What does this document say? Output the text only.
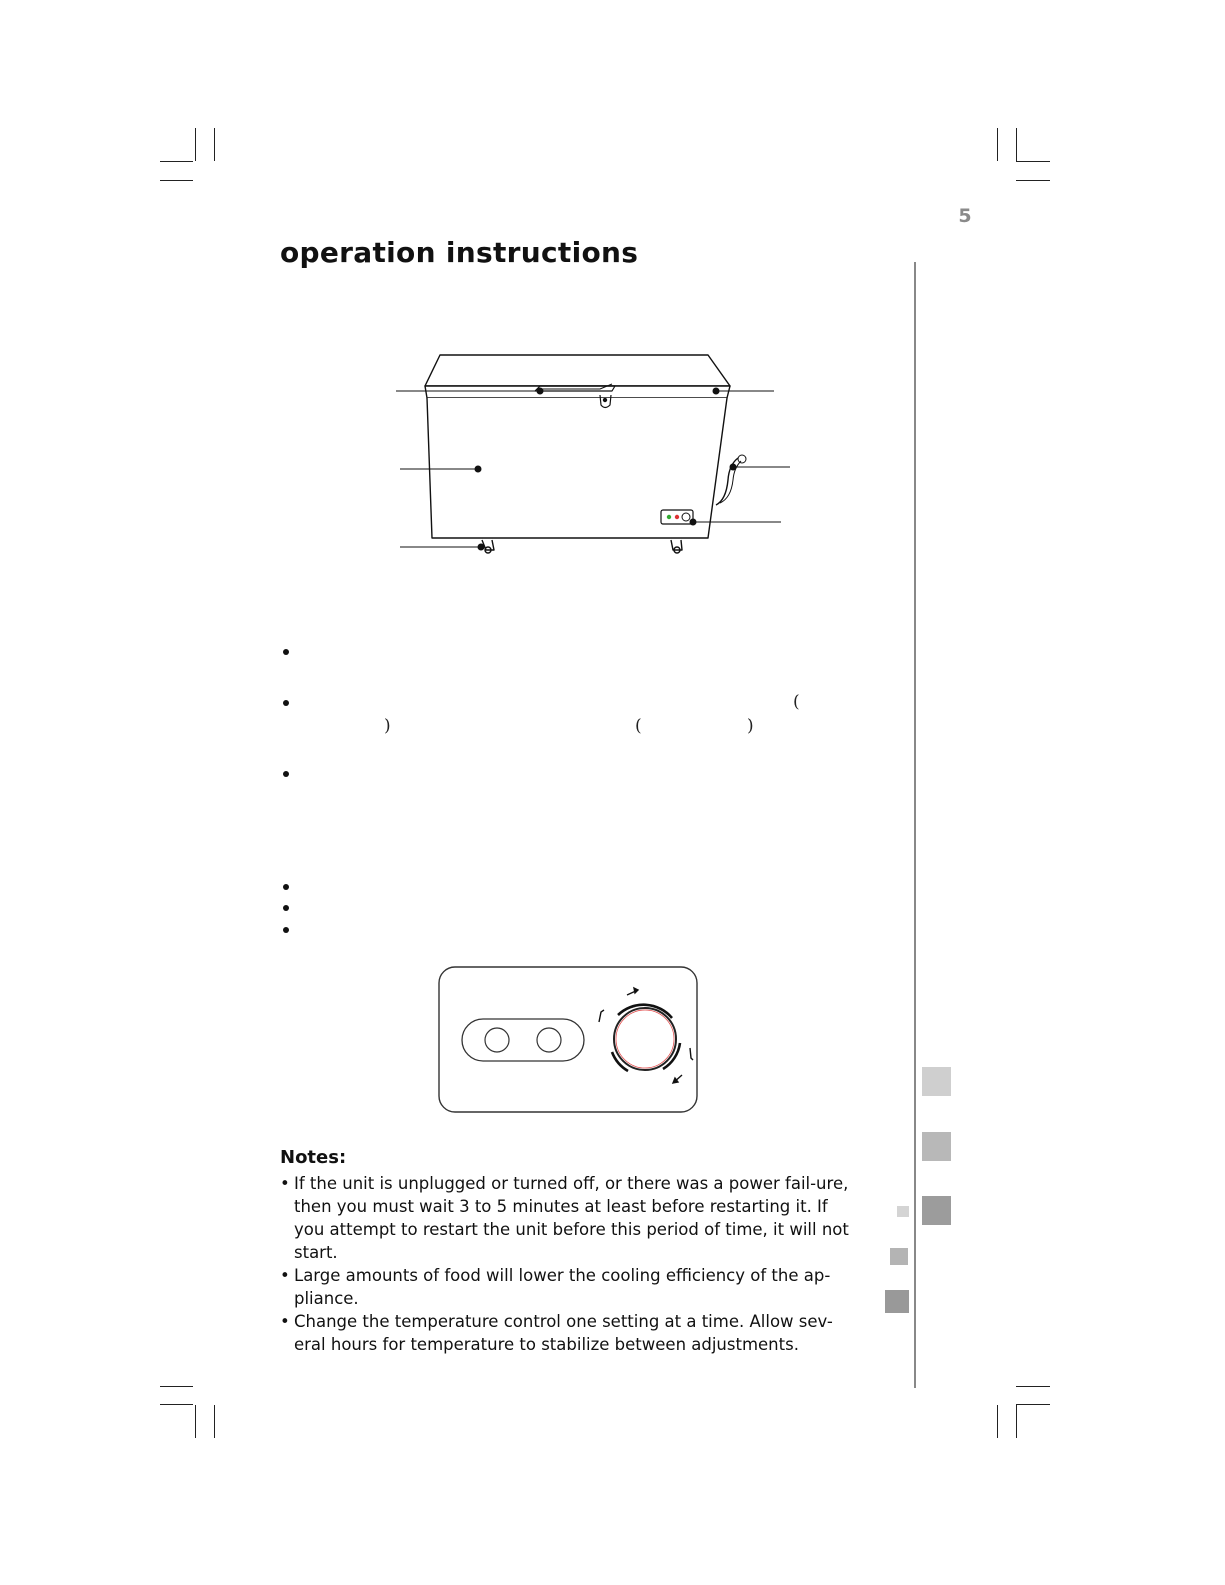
5
operation instructions
(
)	(	)
Notes:
• If the unit is unplugged or turned off, or there was a power fail-ure, then you must wait 3 to 5 minutes at least before restarting it. If you attempt to restart the unit before this period of time, it will not start.
• Large amounts of food will lower the cooling efficiency of the ap-pliance.
• Change the temperature control one setting at a time. Allow sev-eral hours for temperature to stabilize between adjustments.
